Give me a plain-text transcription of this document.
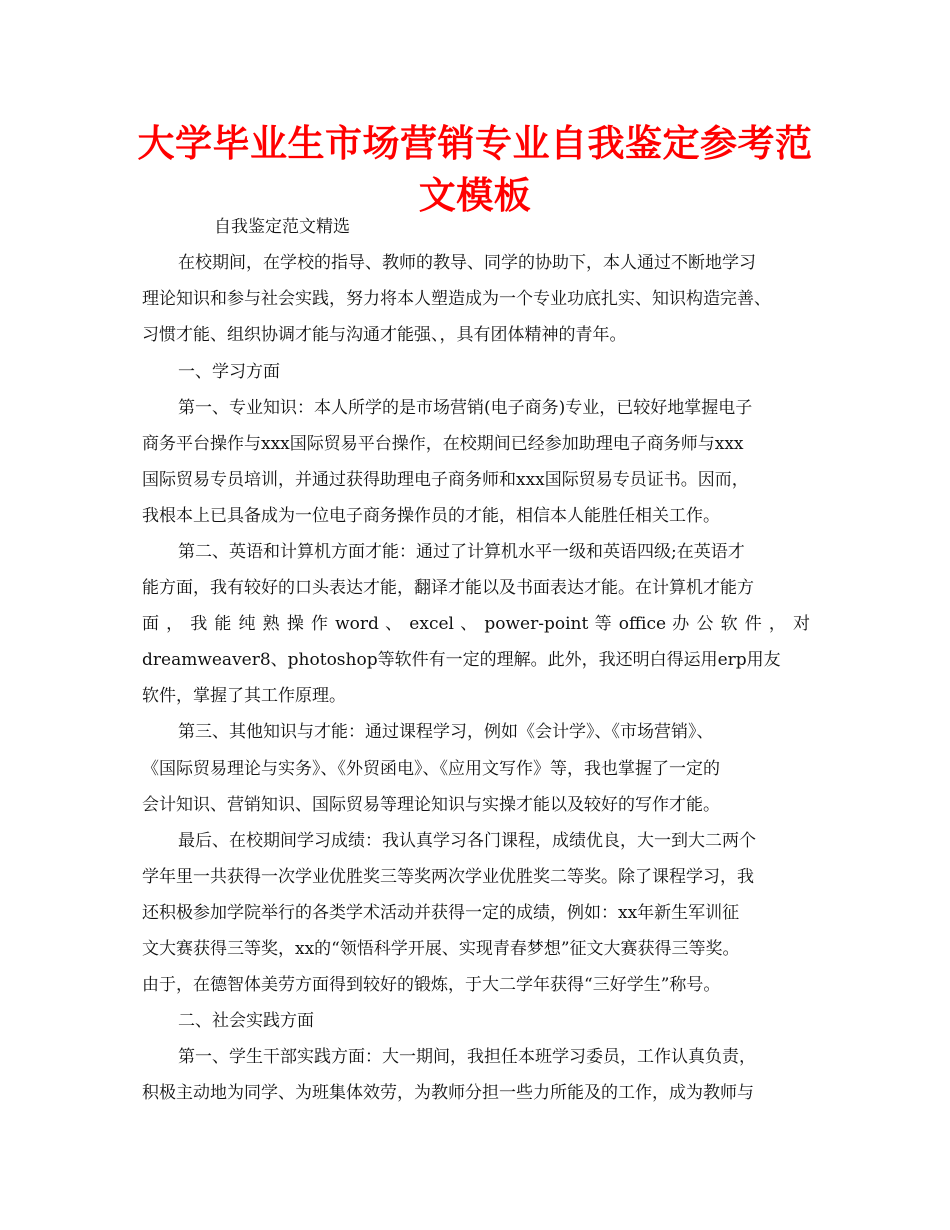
大学毕业生市场营销专业自我鉴定参考范文模板
自我鉴定范文精选
在校期间，在学校的指导、教师的教导、同学的协助下，本人通过不断地学习
理论知识和参与社会实践，努力将本人塑造成为一个专业功底扎实、知识构造完善、
习惯才能、组织协调才能与沟通才能强、，具有团体精神的青年。
一、学习方面
第一、专业知识：本人所学的是市场营销(电子商务)专业，已较好地掌握电子
商务平台操作与xxx国际贸易平台操作，在校期间已经参加助理电子商务师与xxx
国际贸易专员培训，并通过获得助理电子商务师和xxx国际贸易专员证书。因而，
我根本上已具备成为一位电子商务操作员的才能，相信本人能胜任相关工作。
第二、英语和计算机方面才能：通过了计算机水平一级和英语四级;在英语才
能方面，我有较好的口头表达才能，翻译才能以及书面表达才能。在计算机才能方
面 ， 我 能 纯 熟 操 作 word 、 excel 、 power-point 等 office 办 公 软 件 ， 对
dreamweaver8、photoshop等软件有一定的理解。此外，我还明白得运用erp用友
软件，掌握了其工作原理。
第三、其他知识与才能：通过课程学习，例如《会计学》、《市场营销》、
《国际贸易理论与实务》、《外贸函电》、《应用文写作》等，我也掌握了一定的
会计知识、营销知识、国际贸易等理论知识与实操才能以及较好的写作才能。
最后、在校期间学习成绩：我认真学习各门课程，成绩优良，大一到大二两个
学年里一共获得一次学业优胜奖三等奖两次学业优胜奖二等奖。除了课程学习，我
还积极参加学院举行的各类学术活动并获得一定的成绩，例如：xx年新生军训征
文大赛获得三等奖，xx的“领悟科学开展、实现青春梦想”征文大赛获得三等奖。
由于，在德智体美劳方面得到较好的锻炼，于大二学年获得“三好学生”称号。
二、社会实践方面
第一、学生干部实践方面：大一期间，我担任本班学习委员，工作认真负责，
积极主动地为同学、为班集体效劳，为教师分担一些力所能及的工作，成为教师与
